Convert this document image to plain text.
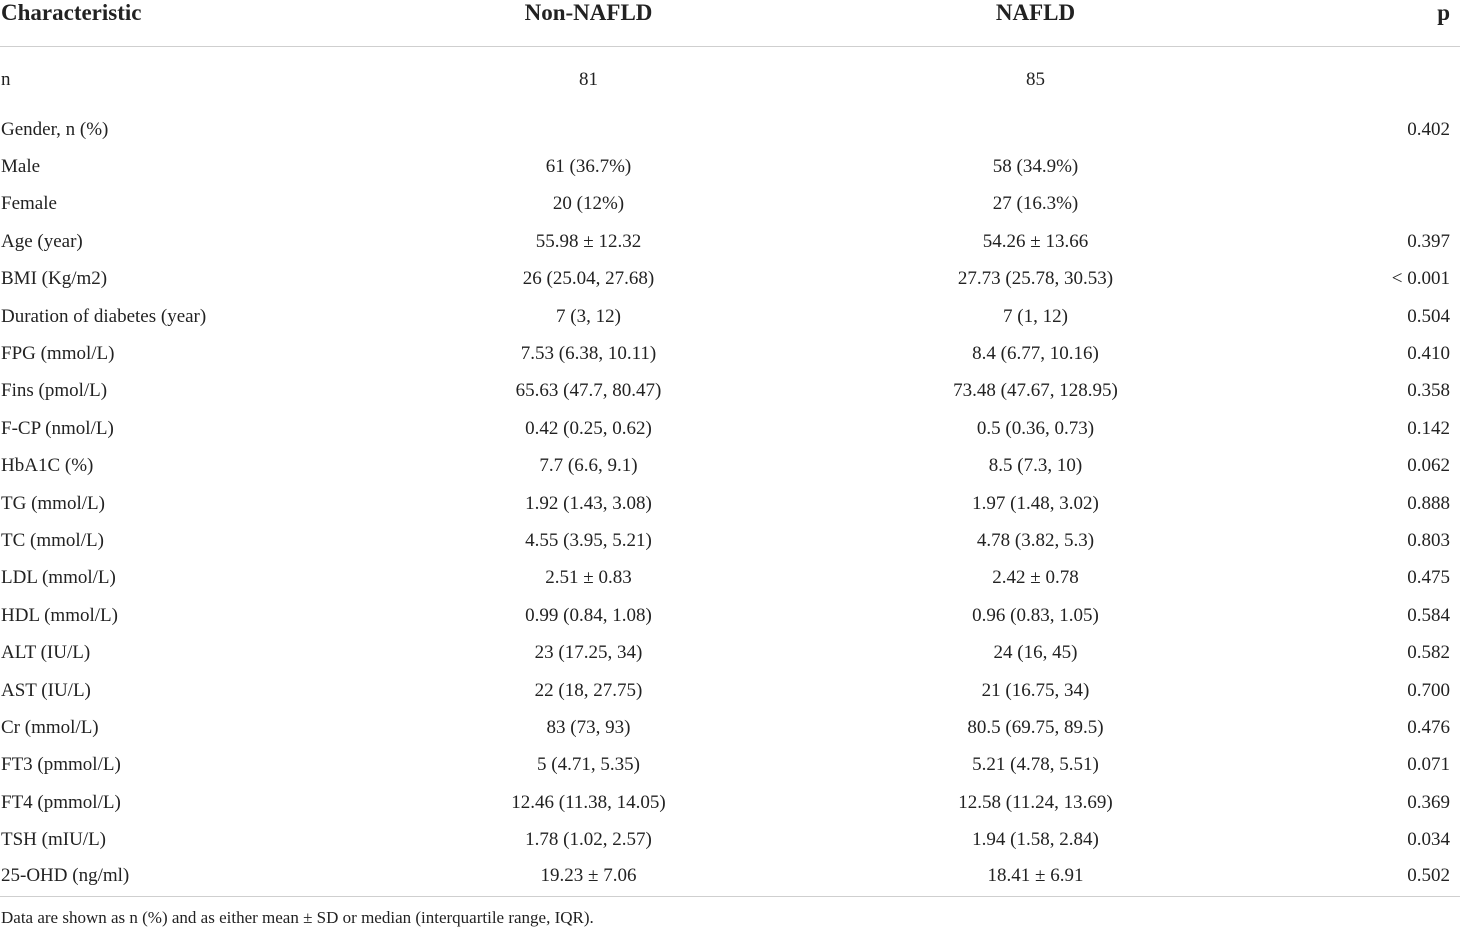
Characteristic	Non-NAFLD	NAFLD	p
n	81	85	
Gender, n (%)			0.402
Male	61 (36.7%)	58 (34.9%)	
Female	20 (12%)	27 (16.3%)	
Age (year)	55.98 ± 12.32	54.26 ± 13.66	0.397
BMI (Kg/m2)	26 (25.04, 27.68)	27.73 (25.78, 30.53)	< 0.001
Duration of diabetes (year)	7 (3, 12)	7 (1, 12)	0.504
FPG (mmol/L)	7.53 (6.38, 10.11)	8.4 (6.77, 10.16)	0.410
Fins (pmol/L)	65.63 (47.7, 80.47)	73.48 (47.67, 128.95)	0.358
F-CP (nmol/L)	0.42 (0.25, 0.62)	0.5 (0.36, 0.73)	0.142
HbA1C (%)	7.7 (6.6, 9.1)	8.5 (7.3, 10)	0.062
TG (mmol/L)	1.92 (1.43, 3.08)	1.97 (1.48, 3.02)	0.888
TC (mmol/L)	4.55 (3.95, 5.21)	4.78 (3.82, 5.3)	0.803
LDL (mmol/L)	2.51 ± 0.83	2.42 ± 0.78	0.475
HDL (mmol/L)	0.99 (0.84, 1.08)	0.96 (0.83, 1.05)	0.584
ALT (IU/L)	23 (17.25, 34)	24 (16, 45)	0.582
AST (IU/L)	22 (18, 27.75)	21 (16.75, 34)	0.700
Cr (mmol/L)	83 (73, 93)	80.5 (69.75, 89.5)	0.476
FT3 (pmmol/L)	5 (4.71, 5.35)	5.21 (4.78, 5.51)	0.071
FT4 (pmmol/L)	12.46 (11.38, 14.05)	12.58 (11.24, 13.69)	0.369
TSH (mIU/L)	1.78 (1.02, 2.57)	1.94 (1.58, 2.84)	0.034
25-OHD (ng/ml)	19.23 ± 7.06	18.41 ± 6.91	0.502
Data are shown as n (%) and as either mean ± SD or median (interquartile range, IQR).
